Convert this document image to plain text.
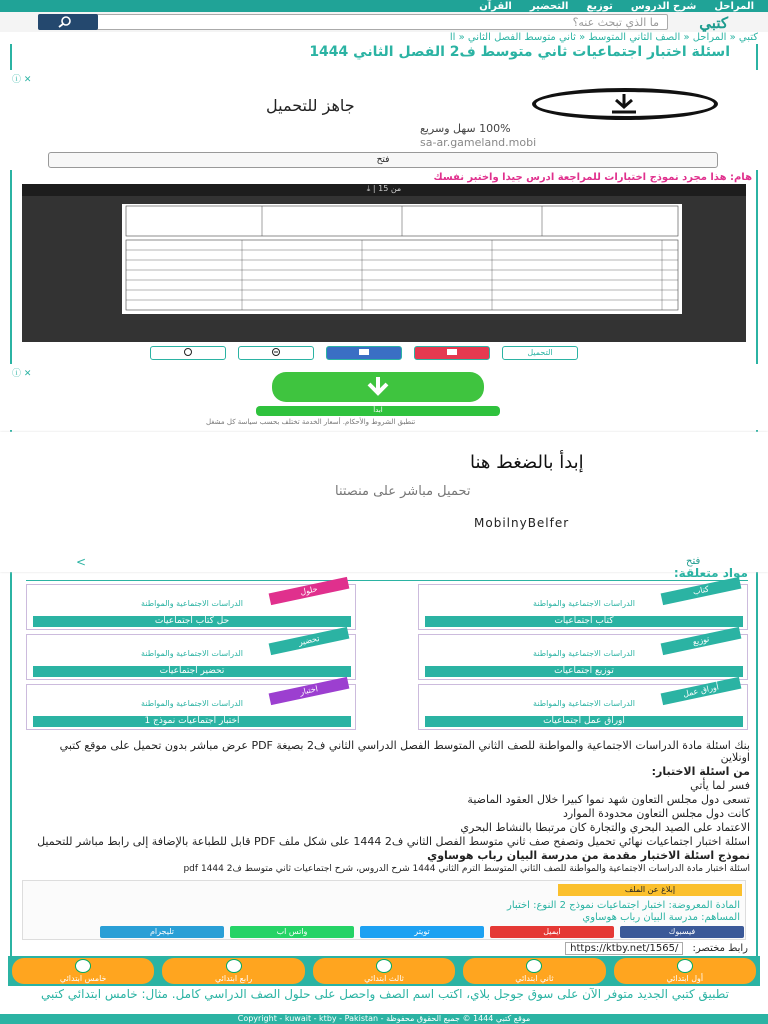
المراحل
شرح الدروس
توزيع
التحضير
القرآن
كتبي
ما الذي تبحث عنه؟
كتبي « المراحل « الصف الثاني المتوسط « ثاني متوسط الفصل الثاني « اا
اسئلة اختبار اجتماعيات ثاني متوسط ف2 الفصل الثاني 1444
✕ ⓘ
جاهز للتحميل
100% سهل وسريع
sa-ar.gameland.mobi
فتح
هام: هذا مجرد نموذج اختبارات للمراجعة ادرس جيدا واختبر نفسك
من 15 | ⤓
التحميل
✕ ⓘ
ابدأ
تنطبق الشروط والأحكام. أسعار الخدمة تختلف بحسب سياسة كل مشغل
إبدأ بالضغط هنا
تحميل مباشر على منصتنا
MobilnyBelfer
فتح
>
مواد متعلقة:
كتاب
الدراسات الاجتماعية والمواطنة
كتاب اجتماعيات
حلول
الدراسات الاجتماعية والمواطنة
حل كتاب اجتماعيات
توزيع
الدراسات الاجتماعية والمواطنة
توزيع اجتماعيات
تحضير
الدراسات الاجتماعية والمواطنة
تحضير اجتماعيات
أوراق عمل
الدراسات الاجتماعية والمواطنة
اوراق عمل اجتماعيات
اختبار
الدراسات الاجتماعية والمواطنة
اختبار اجتماعيات نموذج 1

بنك اسئلة مادة الدراسات الاجتماعية والمواطنة للصف الثاني المتوسط الفصل الدراسي الثاني ف2 بصيغة PDF عرض مباشر بدون تحميل على موقع كتبي اونلاين

من اسئلة الاختبار:

فسر لما يأتي

تسعى دول مجلس التعاون شهد نموا كبيرا خلال العقود الماضية

كانت دول مجلس التعاون محدودة الموارد

الاعتماد على الصيد البحري والتجارة كان مرتبطا بالنشاط البحري

اسئلة اختبار اجتماعيات نهائي تحميل وتصفح صف ثاني متوسط الفصل الثاني ف2 1444 على شكل ملف PDF قابل للطباعة بالإضافة إلى رابط مباشر للتحميل

نموذج اسئلة الاختبار مقدمة من مدرسة البيان رباب هوساوي

اسئلة اختبار مادة الدراسات الاجتماعية والمواطنة للصف الثاني المتوسط الترم الثاني 1444 شرح الدروس، شرح اجتماعيات ثاني متوسط ف2 1444 pdf

إبلاغ عن الملف
المادة المعروضة: اختبار اجتماعيات نموذج 2 النوع: اختبار
المساهم: مدرسة البيان رباب هوساوي
تليجرام	واتس اب	تويتر	ايميل	فيسبوك
رابط مختصر: https://ktby.net/1565/
خامس ابتدائي	رابع ابتدائي	ثالث ابتدائي	ثاني ابتدائي	أول ابتدائي
تطبيق كتبي الجديد متوفر الآن على سوق جوجل بلاي، اكتب اسم الصف واحصل على حلول الصف الدراسي كامل. مثال: خامس ابتدائي كتبي
موقع كتبي 1444 © جميع الحقوق محفوظة - Copyright - kuwait - ktby - Pakistan
